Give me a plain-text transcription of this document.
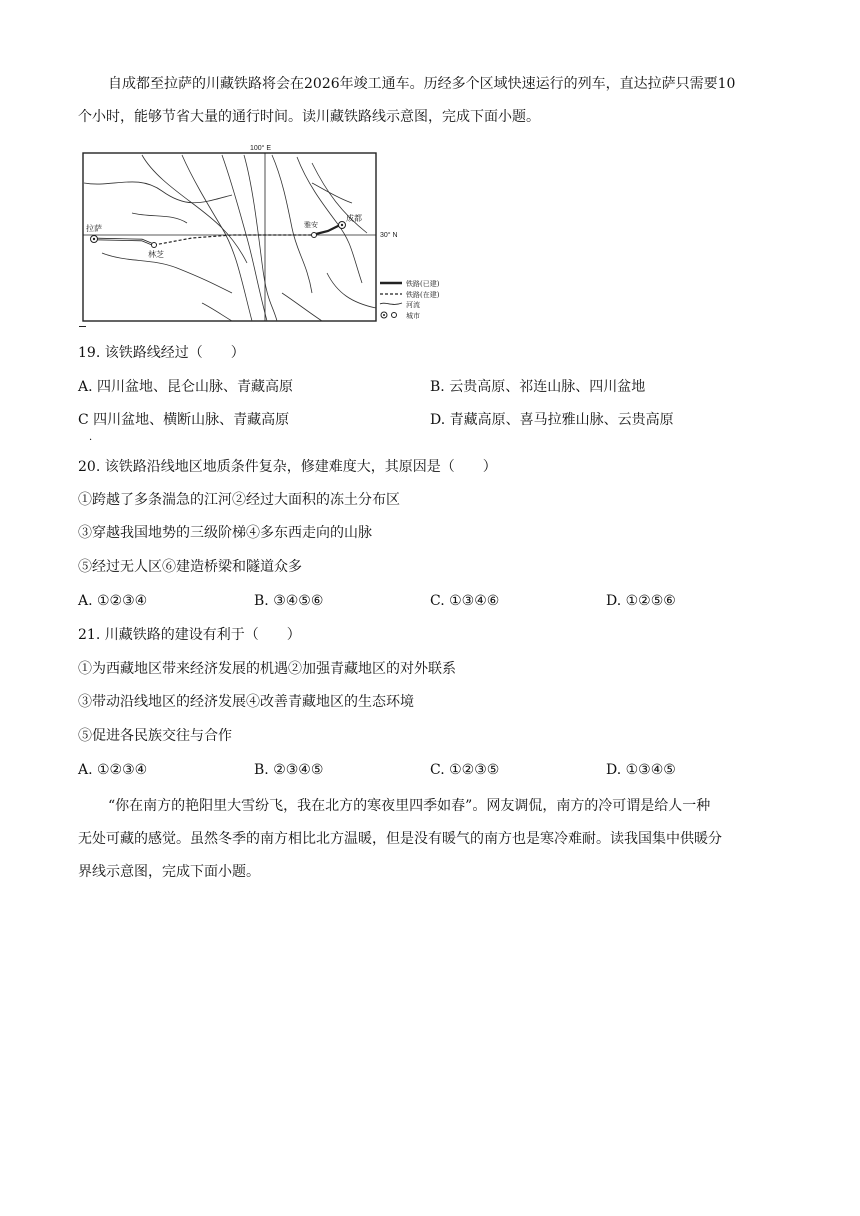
自成都至拉萨的川藏铁路将会在2026年竣工通车。历经多个区域快速运行的列车，直达拉萨只需要10
个小时，能够节省大量的通行时间。读川藏铁路线示意图，完成下面小题。
100° E
30° N
拉萨
林芝
雅安
成都
铁路(已建)
铁路(在建)
河流
城市
19. 该铁路线经过（　　）
A. 四川盆地、昆仑山脉、青藏高原	B. 云贵高原、祁连山脉、四川盆地
C 四川盆地、横断山脉、青藏高原
·
D. 青藏高原、喜马拉雅山脉、云贵高原
20. 该铁路沿线地区地质条件复杂，修建难度大，其原因是（　　）
①跨越了多条湍急的江河②经过大面积的冻土分布区
③穿越我国地势的三级阶梯④多东西走向的山脉
⑤经过无人区⑥建造桥梁和隧道众多
A. ①②③④	B. ③④⑤⑥	C. ①③④⑥	D. ①②⑤⑥
21. 川藏铁路的建设有利于（　　）
①为西藏地区带来经济发展的机遇②加强青藏地区的对外联系
③带动沿线地区的经济发展④改善青藏地区的生态环境
⑤促进各民族交往与合作
A. ①②③④	B. ②③④⑤	C. ①②③⑤	D. ①③④⑤
“你在南方的艳阳里大雪纷飞，我在北方的寒夜里四季如春”。网友调侃，南方的冷可谓是给人一种
无处可藏的感觉。虽然冬季的南方相比北方温暖，但是没有暖气的南方也是寒冷难耐。读我国集中供暖分
界线示意图，完成下面小题。
